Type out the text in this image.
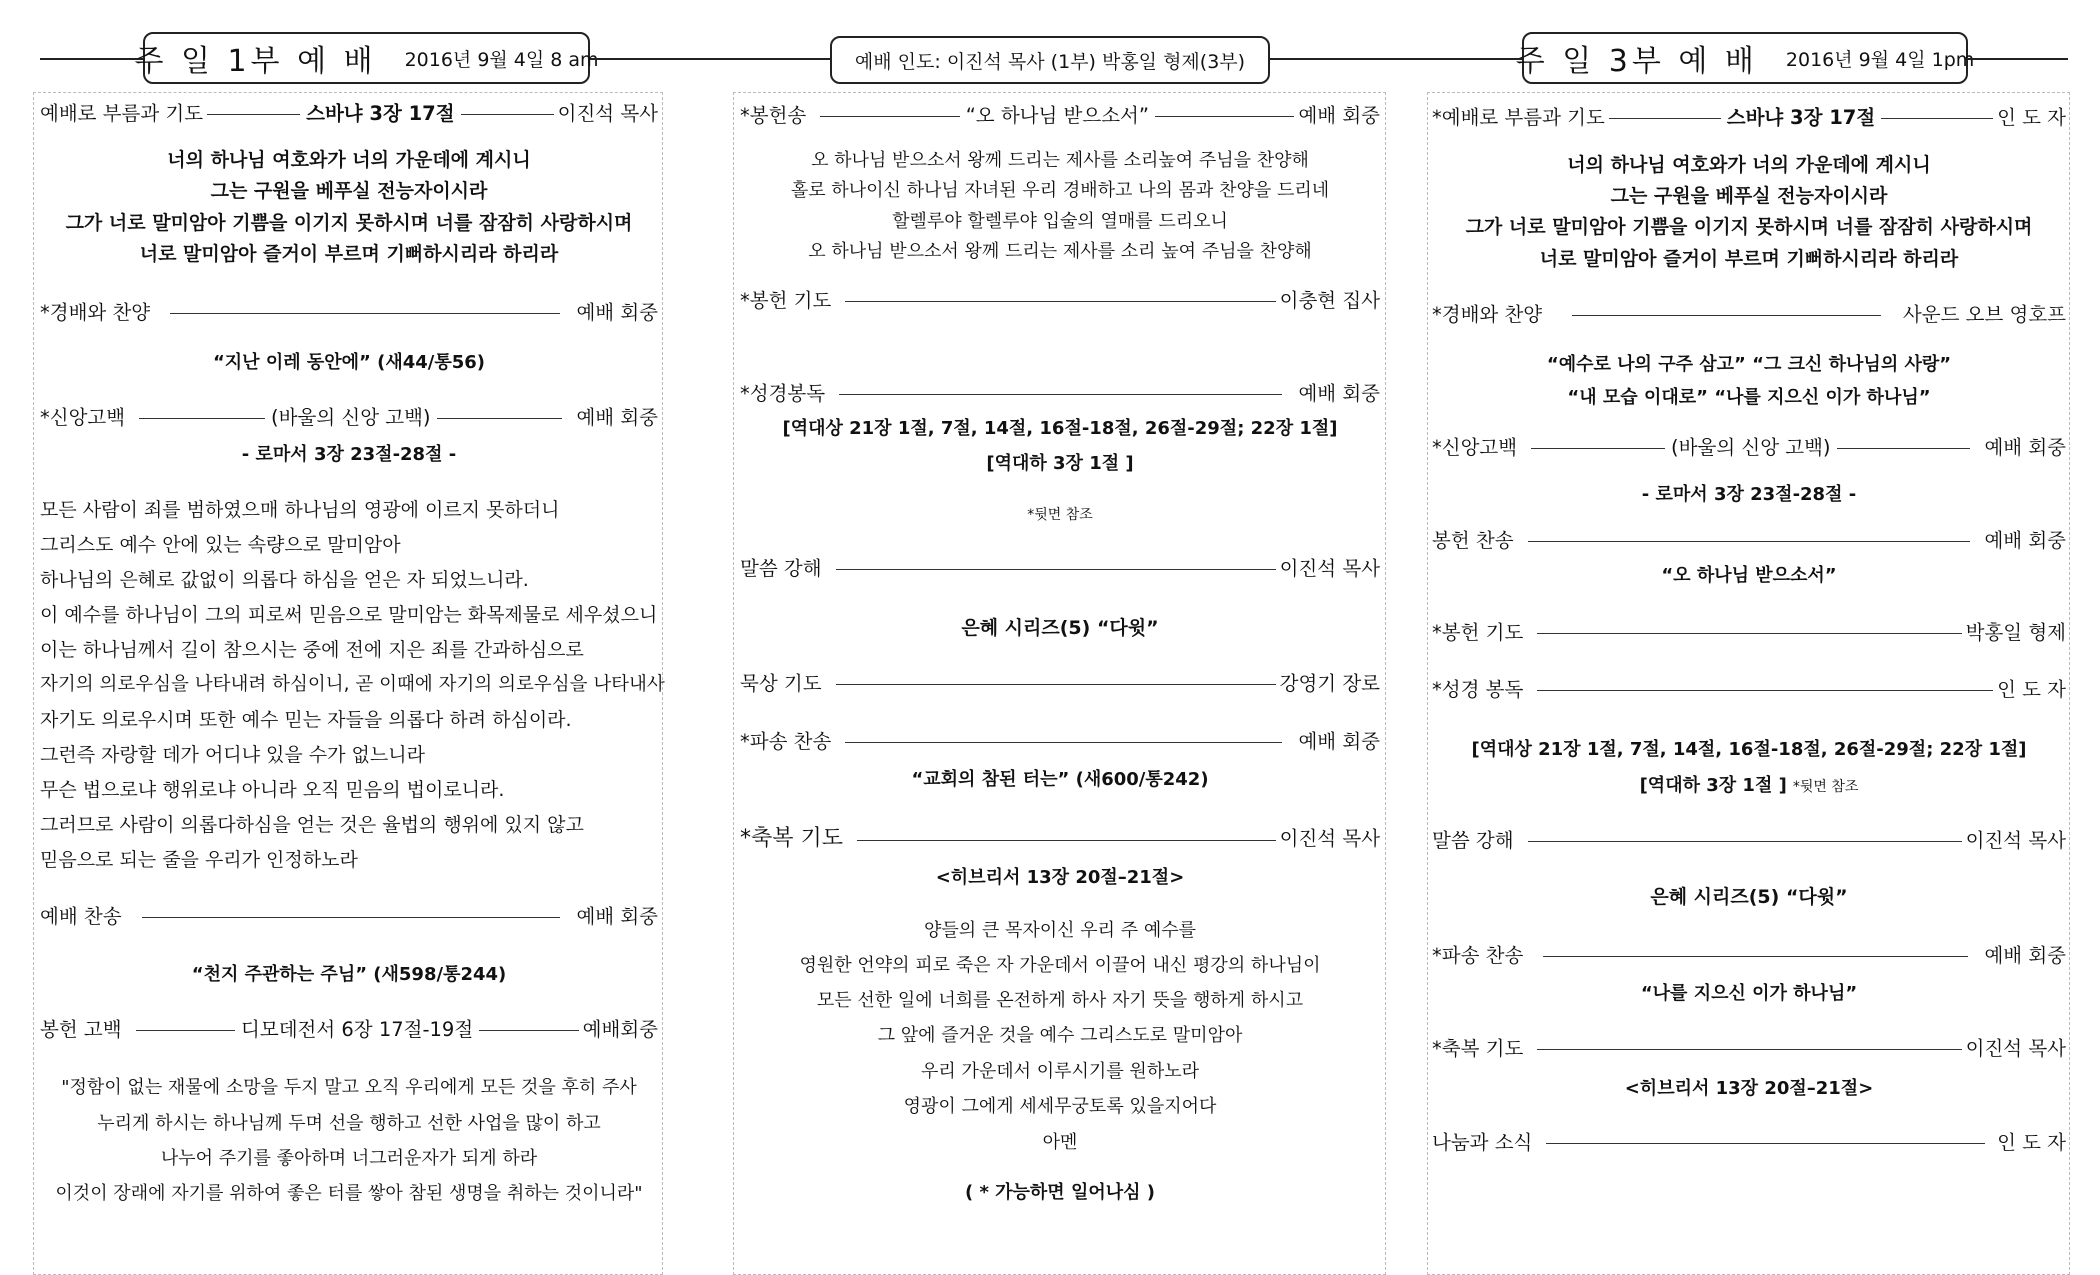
주 일 1부 예 배 2016년 9월 4일 8 am	예배 인도: 이진석 목사 (1부) 박홍일 형제(3부)	주 일 3부 예 배 2016년 9월 4일 1pm
예배로 부름과 기도	스바냐 3장 17절	이진석 목사
너의 하나님 여호와가 너의 가운데에 계시니
그는 구원을 베푸실 전능자이시라
그가 너로 말미암아 기쁨을 이기지 못하시며 너를 잠잠히 사랑하시며
너로 말미암아 즐거이 부르며 기뻐하시리라 하리라
*경배와 찬양	예배 회중
“지난 이레 동안에” (새44/통56)
*신앙고백	(바울의 신앙 고백)	예배 회중
- 로마서 3장 23절-28절 -
모든 사람이 죄를 범하였으매 하나님의 영광에 이르지 못하더니
그리스도 예수 안에 있는 속량으로 말미암아
하나님의 은혜로 값없이 의롭다 하심을 얻은 자 되었느니라.
이 예수를 하나님이 그의 피로써 믿음으로 말미암는 화목제물로 세우셨으니
이는 하나님께서 길이 참으시는 중에 전에 지은 죄를 간과하심으로
자기의 의로우심을 나타내려 하심이니, 곧 이때에 자기의 의로우심을 나타내사
자기도 의로우시며 또한 예수 믿는 자들을 의롭다 하려 하심이라.
그런즉 자랑할 데가 어디냐 있을 수가 없느니라
무슨 법으로냐 행위로냐 아니라 오직 믿음의 법이로니라.
그러므로 사람이 의롭다하심을 얻는 것은 율법의 행위에 있지 않고
믿음으로 되는 줄을 우리가 인정하노라
예배 찬송	예배 회중
“천지 주관하는 주님” (새598/통244)
봉헌 고백	디모데전서 6장 17절-19절	예배회중
"정함이 없는 재물에 소망을 두지 말고 오직 우리에게 모든 것을 후히 주사
누리게 하시는 하나님께 두며 선을 행하고 선한 사업을 많이 하고
나누어 주기를 좋아하며 너그러운자가 되게 하라
이것이 장래에 자기를 위하여 좋은 터를 쌓아 참된 생명을 취하는 것이니라"
*봉헌송	“오 하나님 받으소서”	예배 회중
오 하나님 받으소서 왕께 드리는 제사를 소리높여 주님을 찬양해
홀로 하나이신 하나님 자녀된 우리 경배하고 나의 몸과 찬양을 드리네
할렐루야 할렐루야 입술의 열매를 드리오니
오 하나님 받으소서 왕께 드리는 제사를 소리 높여 주님을 찬양해
*봉헌 기도	이충현 집사
*성경봉독	예배 회중
[역대상 21장 1절, 7절, 14절, 16절-18절, 26절-29절; 22장 1절]
[역대하 3장 1절 ]
*뒷면 참조
말씀 강해	이진석 목사
은혜 시리즈(5) “다윗”
묵상 기도	강영기 장로
*파송 찬송	예배 회중
“교회의 참된 터는” (새600/통242)
*축복 기도	이진석 목사
<히브리서 13장 20절–21절>
양들의 큰 목자이신 우리 주 예수를
영원한 언약의 피로 죽은 자 가운데서 이끌어 내신 평강의 하나님이
모든 선한 일에 너희를 온전하게 하사 자기 뜻을 행하게 하시고
그 앞에 즐거운 것을 예수 그리스도로 말미암아
우리 가운데서 이루시기를 원하노라
영광이 그에게 세세무궁토록 있을지어다
아멘
( * 가능하면 일어나심 )
*예배로 부름과 기도	스바냐 3장 17절	인 도 자
너의 하나님 여호와가 너의 가운데에 계시니
그는 구원을 베푸실 전능자이시라
그가 너로 말미암아 기쁨을 이기지 못하시며 너를 잠잠히 사랑하시며
너로 말미암아 즐거이 부르며 기뻐하시리라 하리라
*경배와 찬양	사운드 오브 영호프
“예수로 나의 구주 삼고” “그 크신 하나님의 사랑”
“내 모습 이대로” “나를 지으신 이가 하나님”
*신앙고백	(바울의 신앙 고백)	예배 회중
- 로마서 3장 23절-28절 -
봉헌 찬송	예배 회중
“오 하나님 받으소서”
*봉헌 기도	박홍일 형제
*성경 봉독	인 도 자
[역대상 21장 1절, 7절, 14절, 16절-18절, 26절-29절; 22장 1절]
[역대하 3장 1절 ] *뒷면 참조
말씀 강해	이진석 목사
은혜 시리즈(5) “다윗”
*파송 찬송	예배 회중
“나를 지으신 이가 하나님”
*축복 기도	이진석 목사
<히브리서 13장 20절–21절>
나눔과 소식	인 도 자
